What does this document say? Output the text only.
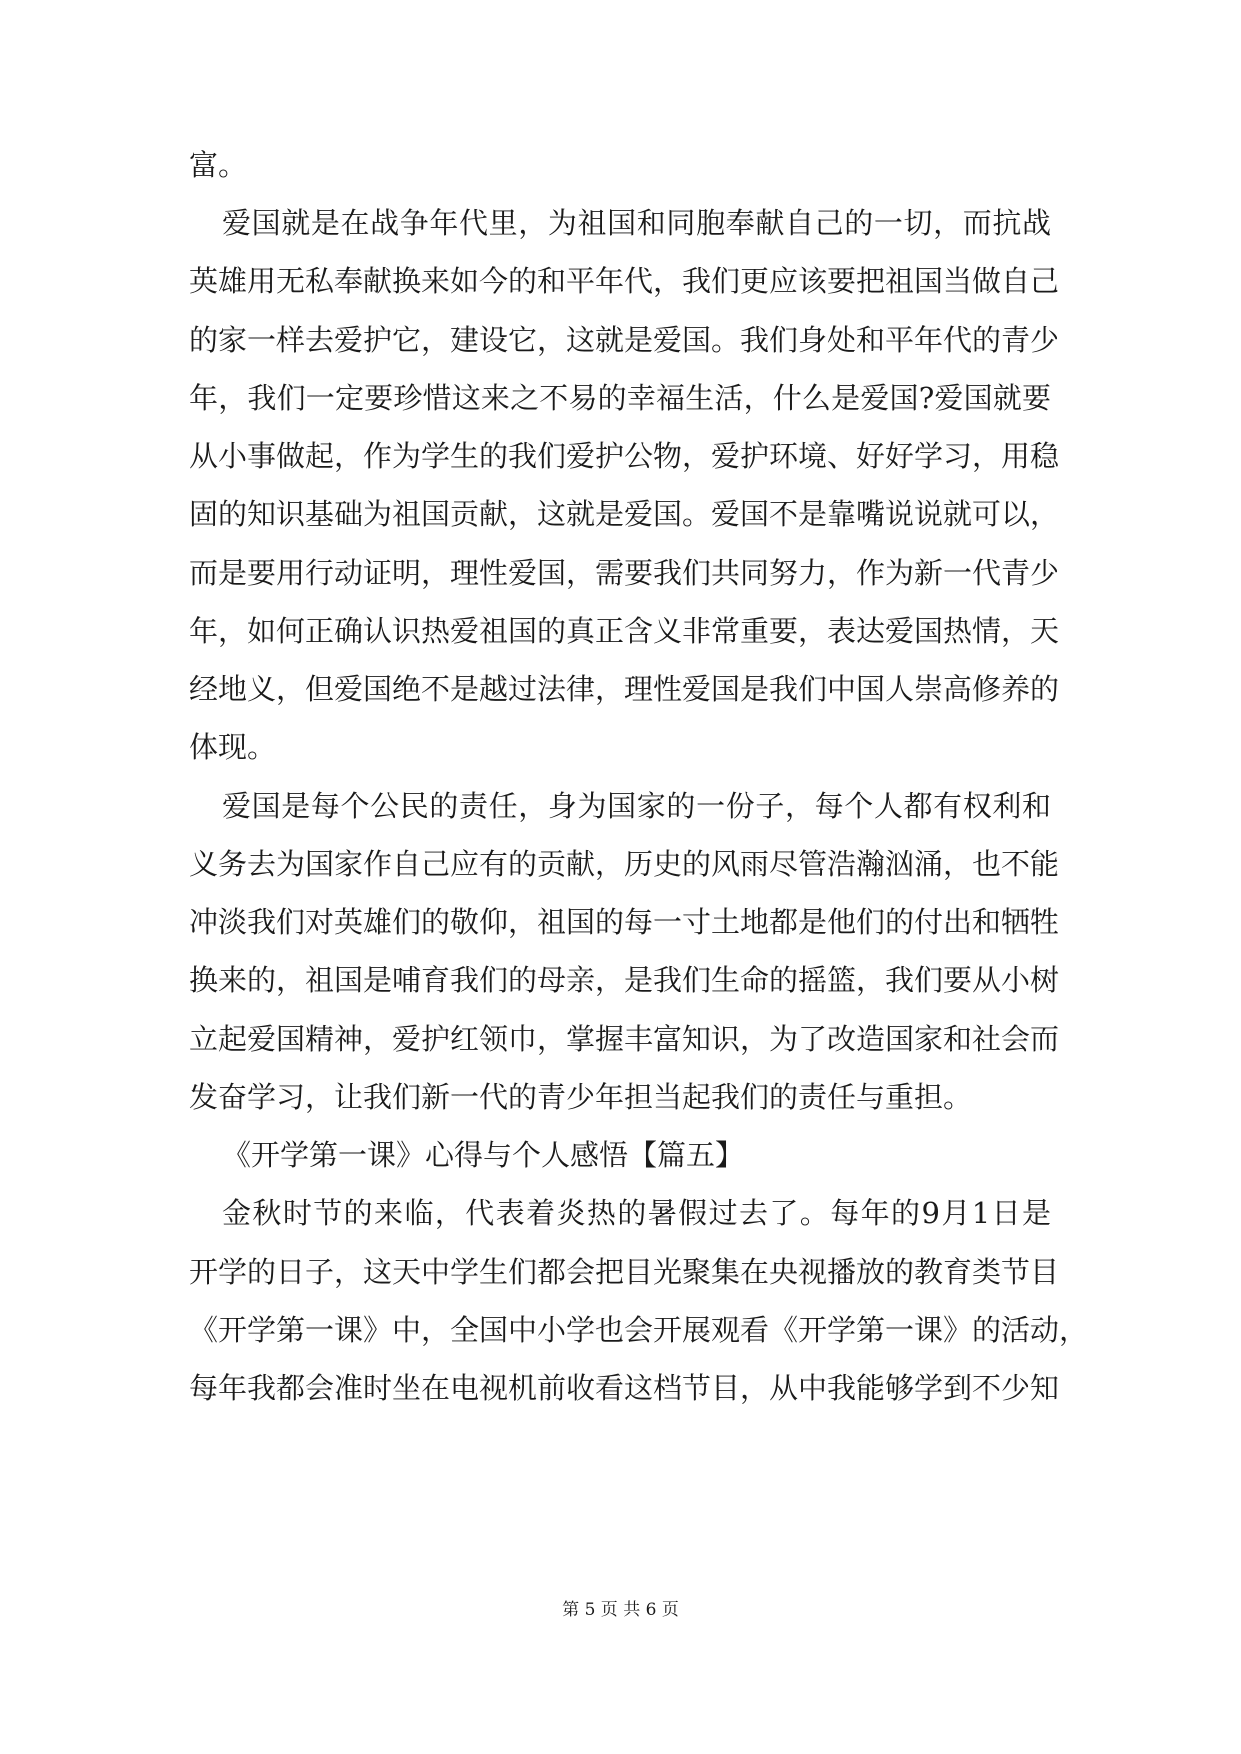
富。
爱国就是在战争年代里，为祖国和同胞奉献自己的一切，而抗战
英雄用无私奉献换来如今的和平年代，我们更应该要把祖国当做自己
的家一样去爱护它，建设它，这就是爱国。我们身处和平年代的青少
年，我们一定要珍惜这来之不易的幸福生活，什么是爱国?爱国就要
从小事做起，作为学生的我们爱护公物，爱护环境、好好学习，用稳
固的知识基础为祖国贡献，这就是爱国。爱国不是靠嘴说说就可以，
而是要用行动证明，理性爱国，需要我们共同努力，作为新一代青少
年，如何正确认识热爱祖国的真正含义非常重要，表达爱国热情，天
经地义，但爱国绝不是越过法律，理性爱国是我们中国人崇高修养的
体现。
爱国是每个公民的责任，身为国家的一份子，每个人都有权利和
义务去为国家作自己应有的贡献，历史的风雨尽管浩瀚汹涌，也不能
冲淡我们对英雄们的敬仰，祖国的每一寸土地都是他们的付出和牺牲
换来的，祖国是哺育我们的母亲，是我们生命的摇篮，我们要从小树
立起爱国精神，爱护红领巾，掌握丰富知识，为了改造国家和社会而
发奋学习，让我们新一代的青少年担当起我们的责任与重担。
《开学第一课》心得与个人感悟【篇五】
金秋时节的来临，代表着炎热的暑假过去了。每年的9月1日是
开学的日子，这天中学生们都会把目光聚集在央视播放的教育类节目
《开学第一课》中，全国中小学也会开展观看《开学第一课》的活动，
每年我都会准时坐在电视机前收看这档节目，从中我能够学到不少知
第 5 页 共 6 页
